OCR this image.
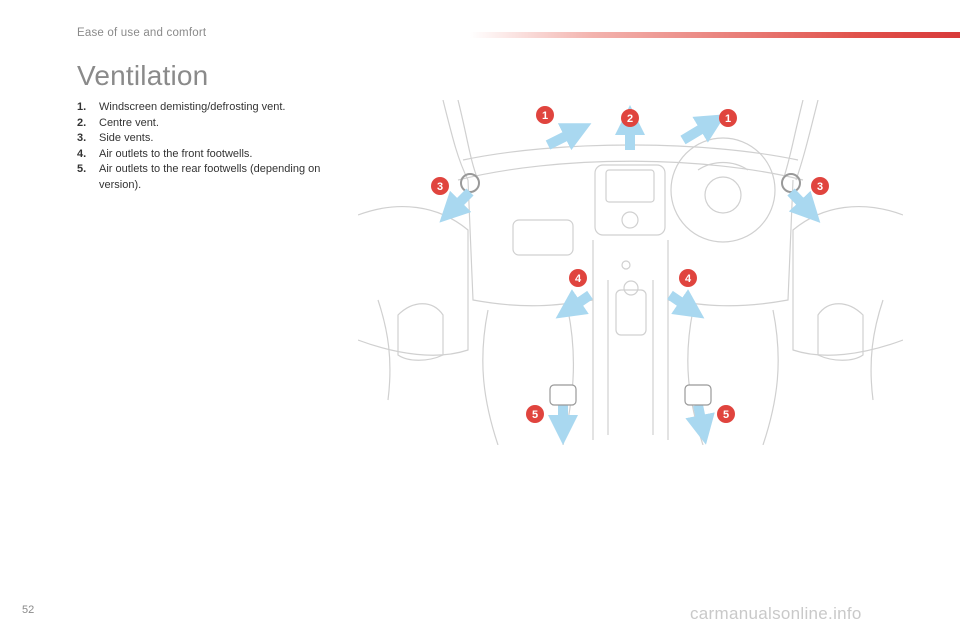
Ease of use and comfort
Ventilation
1.	Windscreen demisting/defrosting vent.
2.	Centre vent.
3.	Side vents.
4.	Air outlets to the front footwells.
5.	Air outlets to the rear footwells (depending on version).
1	2	1
3	3
4	4
5	5
52	carmanualsonline.info
